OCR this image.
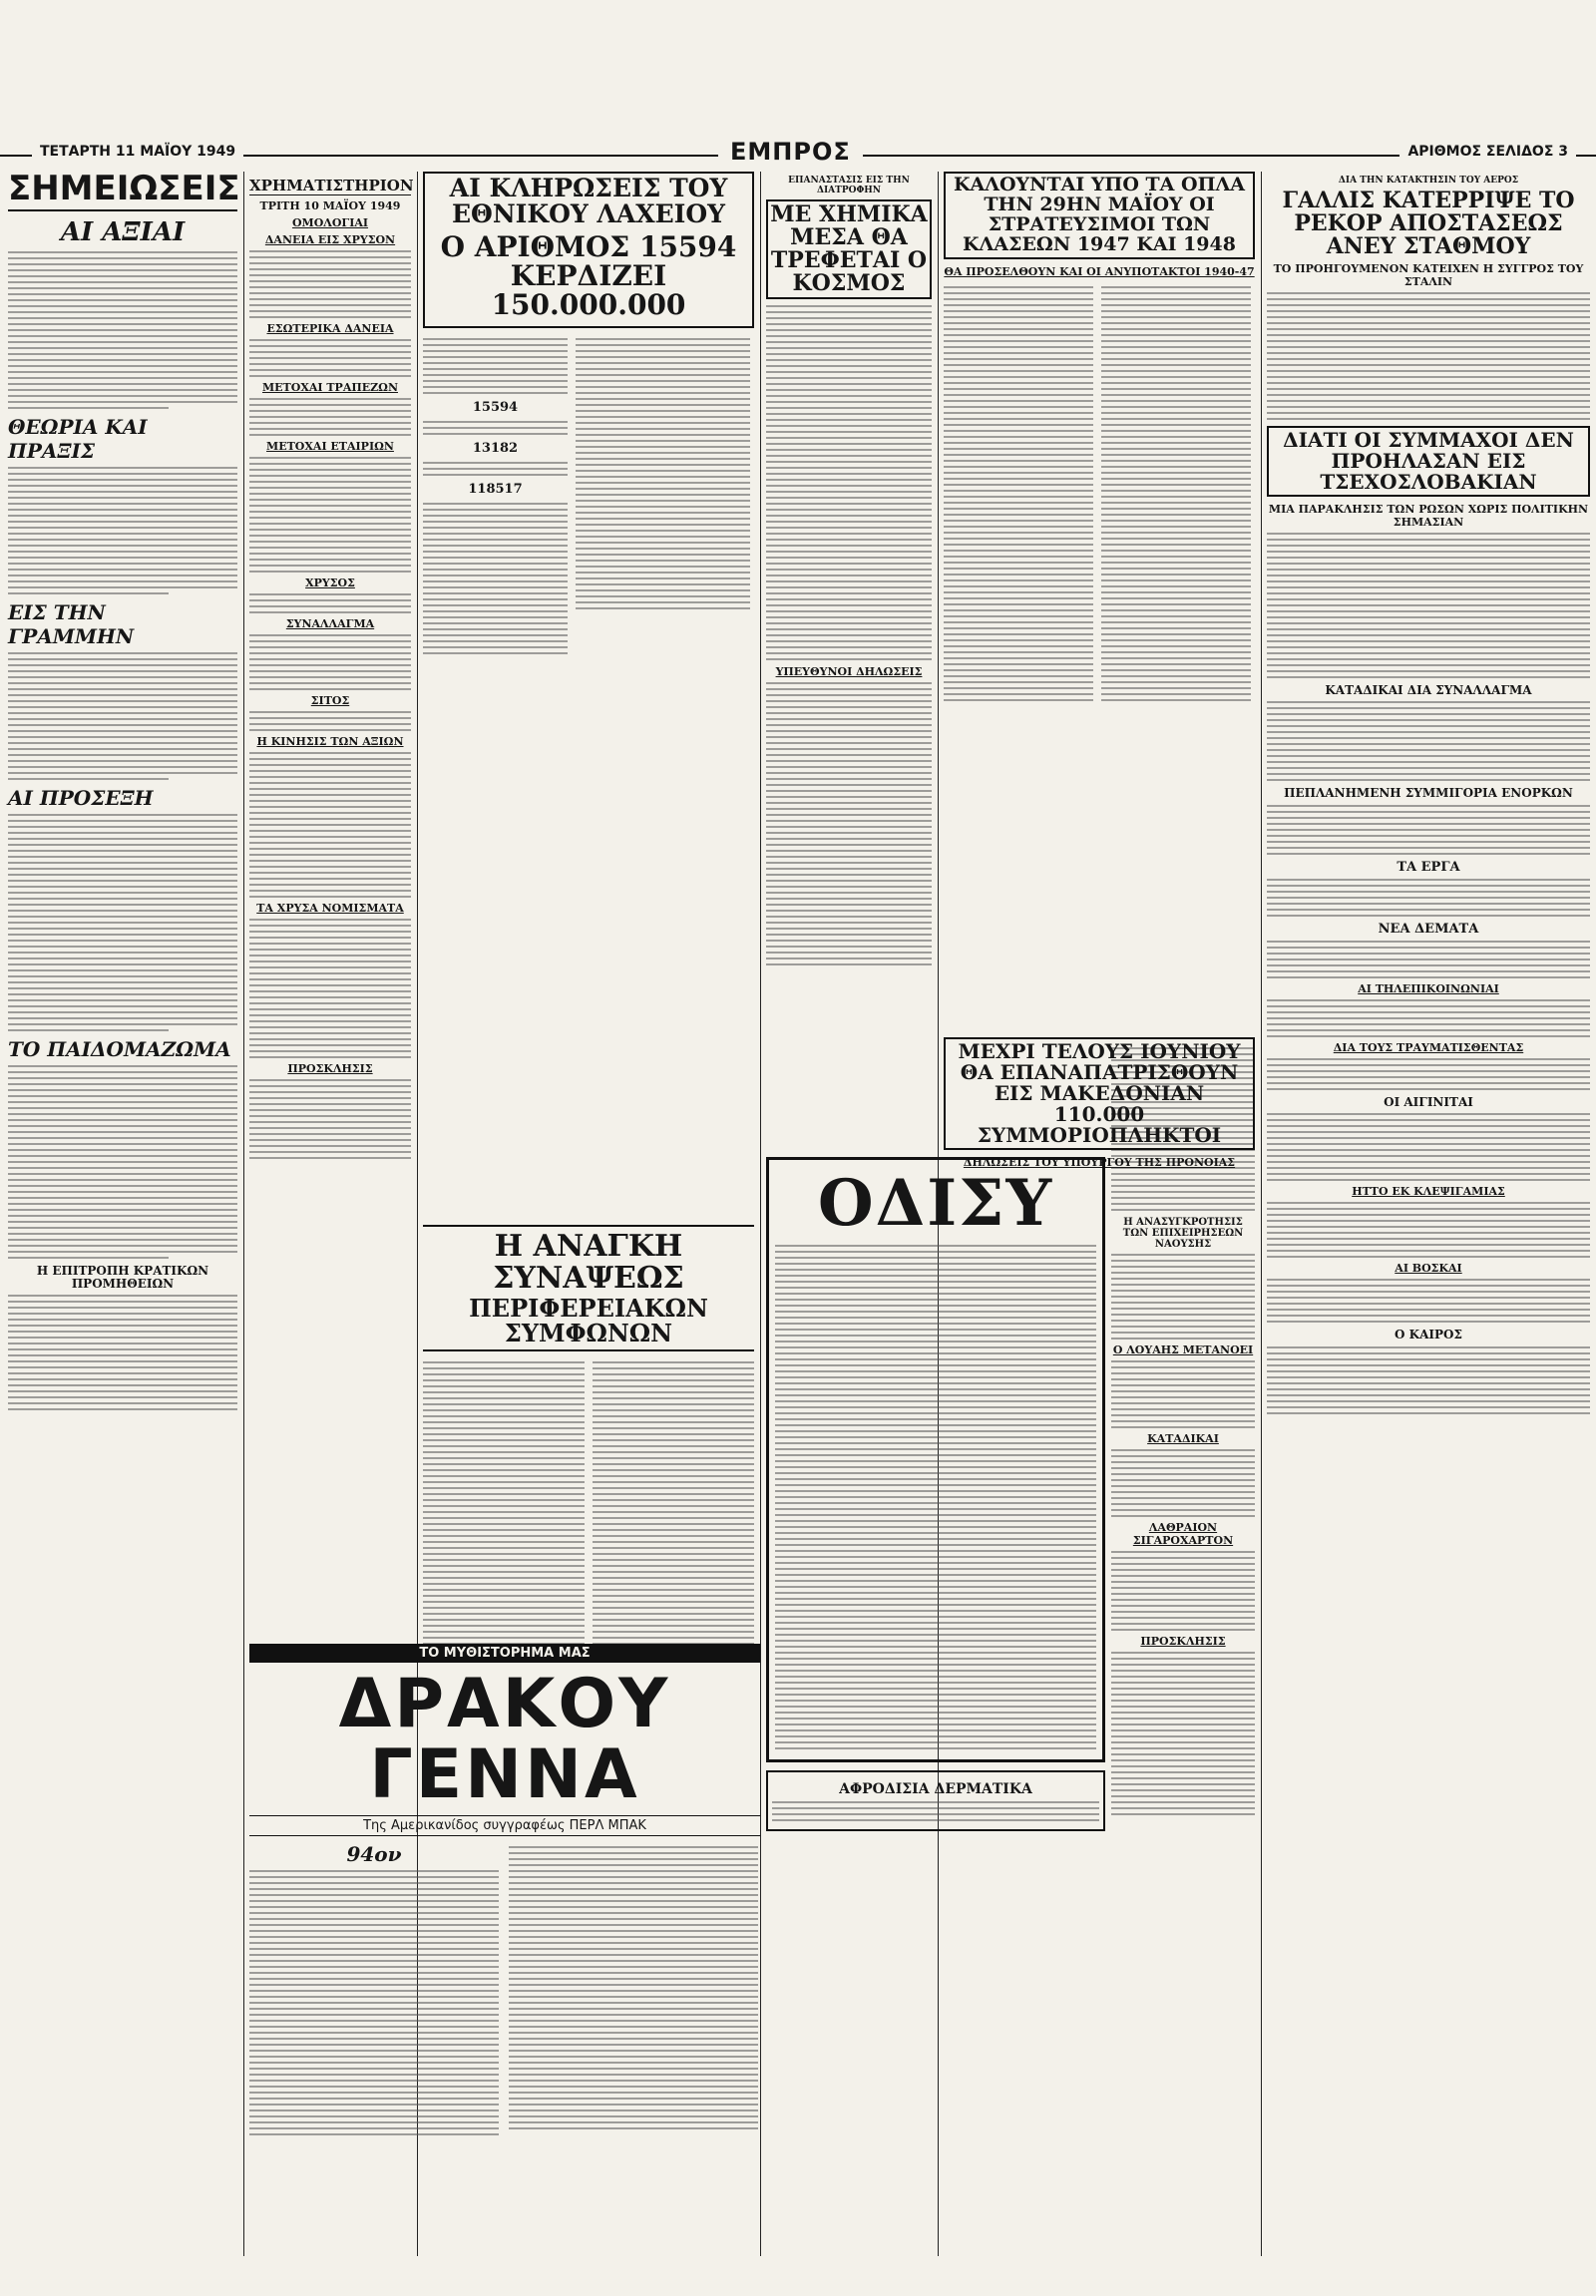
ΤΕΤΑΡΤΗ 11 ΜΑΪΟΥ 1949	ΕΜΠΡΟΣ	ΑΡΙΘΜΟΣ ΣΕΛΙΔΟΣ 3
ΣΗΜΕΙΩΣΕΙΣ
ΑΙ ΑΞΙΑΙ
ΘΕΩΡΙΑ ΚΑΙ ΠΡΑΞΙΣ
ΕΙΣ ΤΗΝ ΓΡΑΜΜΗΝ
ΑΙ ΠΡΟΣΕΞΗ
ΤΟ ΠΑΙΔΟΜΑΖΩΜΑ
Η ΕΠΙΤΡΟΠΗ ΚΡΑΤΙΚΩΝ ΠΡΟΜΗΘΕΙΩΝ
ΧΡΗΜΑΤΙΣΤΗΡΙΟΝ
ΤΡΙΤΗ 10 ΜΑΪΟΥ 1949
ΟΜΟΛΟΓΙΑΙ
ΔΑΝΕΙΑ ΕΙΣ ΧΡΥΣΟΝ
ΕΣΩΤΕΡΙΚΑ ΔΑΝΕΙΑ
ΜΕΤΟΧΑΙ ΤΡΑΠΕΖΩΝ
ΜΕΤΟΧΑΙ ΕΤΑΙΡΙΩΝ
ΧΡΥΣΟΣ
ΣΥΝΑΛΛΑΓΜΑ
ΣΙΤΟΣ
Η ΚΙΝΗΣΙΣ ΤΩΝ ΑΞΙΩΝ
ΤΑ ΧΡΥΣΑ ΝΟΜΙΣΜΑΤΑ
ΠΡΟΣΚΛΗΣΙΣ
ΑΙ ΚΛΗΡΩΣΕΙΣ ΤΟΥ ΕΘΝΙΚΟΥ ΛΑΧΕΙΟΥ
Ο ΑΡΙΘΜΟΣ 15594 ΚΕΡΔΙΖΕΙ 150.000.000
15594
13182
118517
Η ΑΝΑΓΚΗ ΣΥΝΑΨΕΩΣ
ΠΕΡΙΦΕΡΕΙΑΚΩΝ ΣΥΜΦΩΝΩΝ
ΕΠΑΝΑΣΤΑΣΙΣ ΕΙΣ ΤΗΝ ΔΙΑΤΡΟΦΗΝ
ΜΕ ΧΗΜΙΚΑ ΜΕΣΑ ΘΑ ΤΡΕΦΕΤΑΙ Ο ΚΟΣΜΟΣ
ΥΠΕΥΘΥΝΟΙ ΔΗΛΩΣΕΙΣ
ΚΑΛΟΥΝΤΑΙ ΥΠΟ ΤΑ ΟΠΛΑ ΤΗΝ 29ΗΝ ΜΑΪΟΥ ΟΙ ΣΤΡΑΤΕΥΣΙΜΟΙ ΤΩΝ ΚΛΑΣΕΩΝ 1947 ΚΑΙ 1948
ΘΑ ΠΡΟΣΕΛΘΟΥΝ ΚΑΙ ΟΙ ΑΝΥΠΟΤΑΚΤΟΙ 1940-47
Η ΑΝΑΣΥΓΚΡΟΤΗΣΙΣ ΤΩΝ ΕΠΙΧΕΙΡΗΣΕΩΝ ΝΑΟΥΣΗΣ
Ο ΛΟΥΑΗΣ ΜΕΤΑΝΟΕΙ
ΚΑΤΑΔΙΚΑΙ
ΛΑΘΡΑΙΟΝ ΣΙΓΑΡΟΧΑΡΤΟΝ
ΠΡΟΣΚΛΗΣΙΣ
ΜΕΧΡΙ ΤΕΛΟΥΣ ΙΟΥΝΙΟΥ ΘΑ ΕΠΑΝΑΠΑΤΡΙΣΘΟΥΝ ΕΙΣ ΜΑΚΕΔΟΝΙΑΝ 110.000 ΣΥΜΜΟΡΙΟΠΛΗΚΤΟΙ
ΔΗΛΩΣΕΙΣ ΤΟΥ ΥΠΟΥΡΓΟΥ ΤΗΣ ΠΡΟΝΟΙΑΣ
ΟΔΙΣΥ
ΑΦΡΟΔΙΣΙΑ ΔΕΡΜΑΤΙΚΑ
ΔΙΑ ΤΗΝ ΚΑΤΑΚΤΗΣΙΝ ΤΟΥ ΑΕΡΟΣ
ΓΑΛΛΙΣ ΚΑΤΕΡΡΙΨΕ ΤΟ ΡΕΚΟΡ ΑΠΟΣΤΑΣΕΩΣ ΑΝΕΥ ΣΤΑΘΜΟΥ
ΤΟ ΠΡΟΗΓΟΥΜΕΝΟΝ ΚΑΤΕΙΧΕΝ Η ΣΥΓΓΡΟΣ ΤΟΥ ΣΤΑΛΙΝ
ΔΙΑΤΙ ΟΙ ΣΥΜΜΑΧΟΙ ΔΕΝ ΠΡΟΗΛΑΣΑΝ ΕΙΣ ΤΣΕΧΟΣΛΟΒΑΚΙΑΝ
ΜΙΑ ΠΑΡΑΚΛΗΣΙΣ ΤΩΝ ΡΩΣΩΝ ΧΩΡΙΣ ΠΟΛΙΤΙΚΗΝ ΣΗΜΑΣΙΑΝ
ΚΑΤΑΔΙΚΑΙ ΔΙΑ ΣΥΝΑΛΛΑΓΜΑ
ΠΕΠΛΑΝΗΜΕΝΗ ΣΥΜΜΙΓΟΡΙΑ ΕΝΟΡΚΩΝ
ΤΑ ΕΡΓΑ
ΝΕΑ ΔΕΜΑΤΑ
ΑΙ ΤΗΛΕΠΙΚΟΙΝΩΝΙΑΙ
ΔΙΑ ΤΟΥΣ ΤΡΑΥΜΑΤΙΣΘΕΝΤΑΣ
ΟΙ ΑΙΓΙΝΙΤΑΙ
ΗΤΤΟ ΕΚ ΚΛΕΨΙΓΑΜΙΑΣ
ΑΙ ΒΟΣΚΑΙ
Ο ΚΑΙΡΟΣ
ΤΟ ΜΥΘΙΣΤΟΡΗΜΑ ΜΑΣ
ΔΡΑΚΟΥ ΓΕΝΝΑ
Της Αμερικανίδος συγγραφέως ΠΕΡΛ ΜΠΑΚ
94ον
